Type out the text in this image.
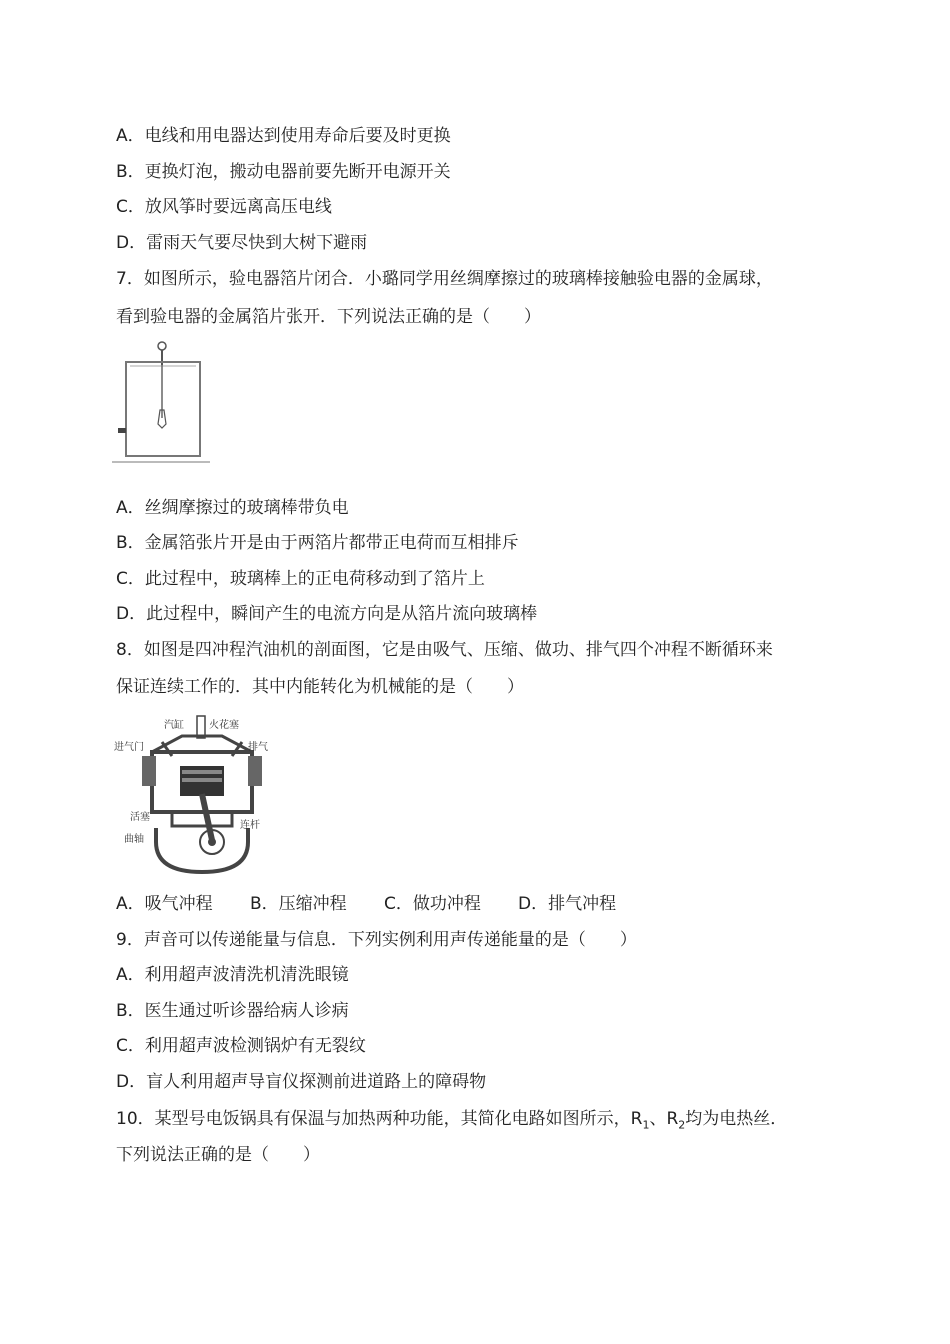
A．电线和用电器达到使用寿命后要及时更换
B．更换灯泡，搬动电器前要先断开电源开关
C．放风筝时要远离高压电线
D．雷雨天气要尽快到大树下避雨
7．如图所示，验电器箔片闭合．小璐同学用丝绸摩擦过的玻璃棒接触验电器的金属球，
看到验电器的金属箔片张开．下列说法正确的是（　　）
A．丝绸摩擦过的玻璃棒带负电
B．金属箔张片开是由于两箔片都带正电荷而互相排斥
C．此过程中，玻璃棒上的正电荷移动到了箔片上
D．此过程中，瞬间产生的电流方向是从箔片流向玻璃棒
8．如图是四冲程汽油机的剖面图，它是由吸气、压缩、做功、排气四个冲程不断循环来
保证连续工作的．其中内能转化为机械能的是（　　）
汽缸	火花塞
进气门	排气
活塞
连杆
曲轴
A．吸气冲程 B．压缩冲程 C．做功冲程 D．排气冲程
9．声音可以传递能量与信息．下列实例利用声传递能量的是（　　）
A．利用超声波清洗机清洗眼镜
B．医生通过听诊器给病人诊病
C．利用超声波检测锅炉有无裂纹
D．盲人利用超声导盲仪探测前进道路上的障碍物
10．某型号电饭锅具有保温与加热两种功能，其简化电路如图所示，$R_1$、$R_2$均为电热丝．
下列说法正确的是（　　）
